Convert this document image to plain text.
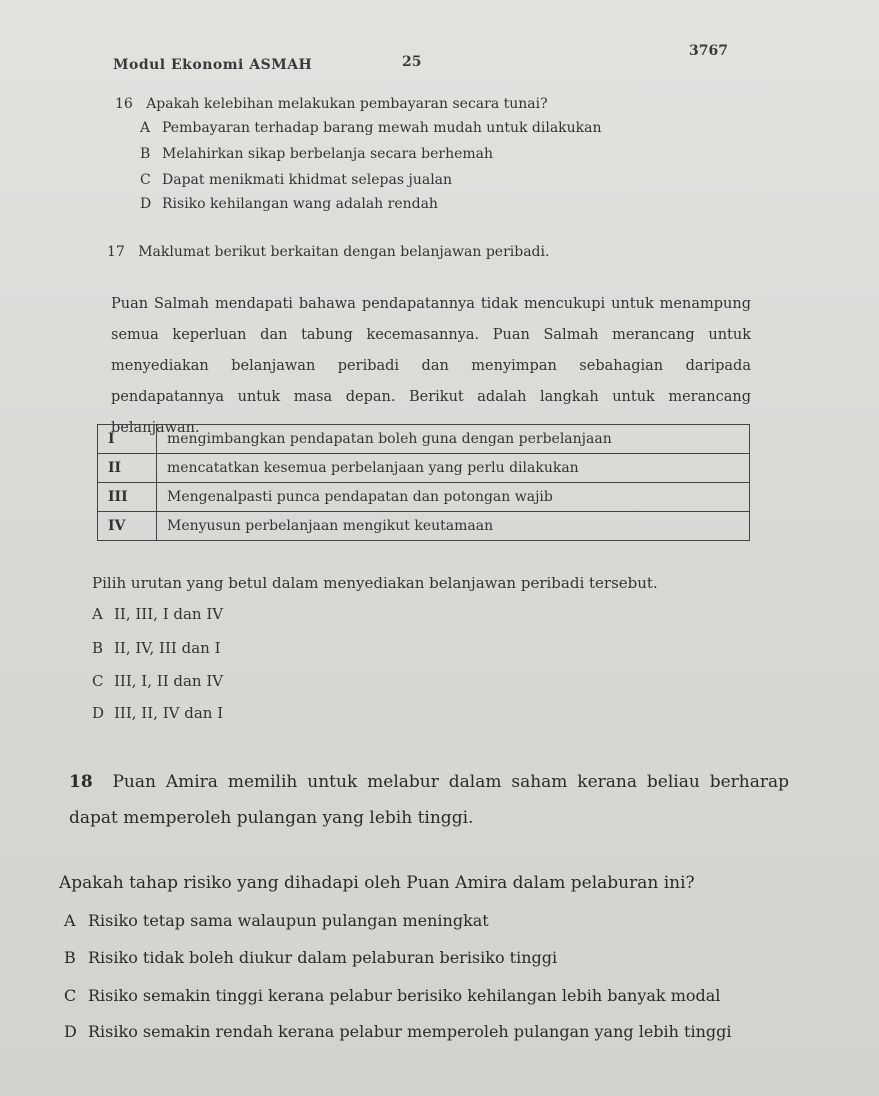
Modul Ekonomi ASMAH	25
3767
16 Apakah kelebihan melakukan pembayaran secara tunai?
A Pembayaran terhadap barang mewah mudah untuk dilakukan
B Melahirkan sikap berbelanja secara berhemah
C Dapat menikmati khidmat selepas jualan
D Risiko kehilangan wang adalah rendah
17 Maklumat berikut berkaitan dengan belanjawan peribadi.
Puan Salmah mendapati bahawa pendapatannya tidak mencukupi untuk menampung semua keperluan dan tabung kecemasannya. Puan Salmah merancang untuk menyediakan belanjawan peribadi dan menyimpan sebahagian daripada pendapatannya untuk masa depan. Berikut adalah langkah untuk merancang belanjawan.
I	mengimbangkan pendapatan boleh guna dengan perbelanjaan
II	mencatatkan kesemua perbelanjaan yang perlu dilakukan
III	Mengenalpasti punca pendapatan dan potongan wajib
IV	Menyusun perbelanjaan mengikut keutamaan
Pilih urutan yang betul dalam menyediakan belanjawan peribadi tersebut.
A II, III, I dan IV
B II, IV, III dan I
C III, I, II dan IV
D III, II, IV dan I
18 Puan Amira memilih untuk melabur dalam saham kerana beliau berharap dapat memperoleh pulangan yang lebih tinggi.
Apakah tahap risiko yang dihadapi oleh Puan Amira dalam pelaburan ini?
A Risiko tetap sama walaupun pulangan meningkat
B Risiko tidak boleh diukur dalam pelaburan berisiko tinggi
C Risiko semakin tinggi kerana pelabur berisiko kehilangan lebih banyak modal
D Risiko semakin rendah kerana pelabur memperoleh pulangan yang lebih tinggi
